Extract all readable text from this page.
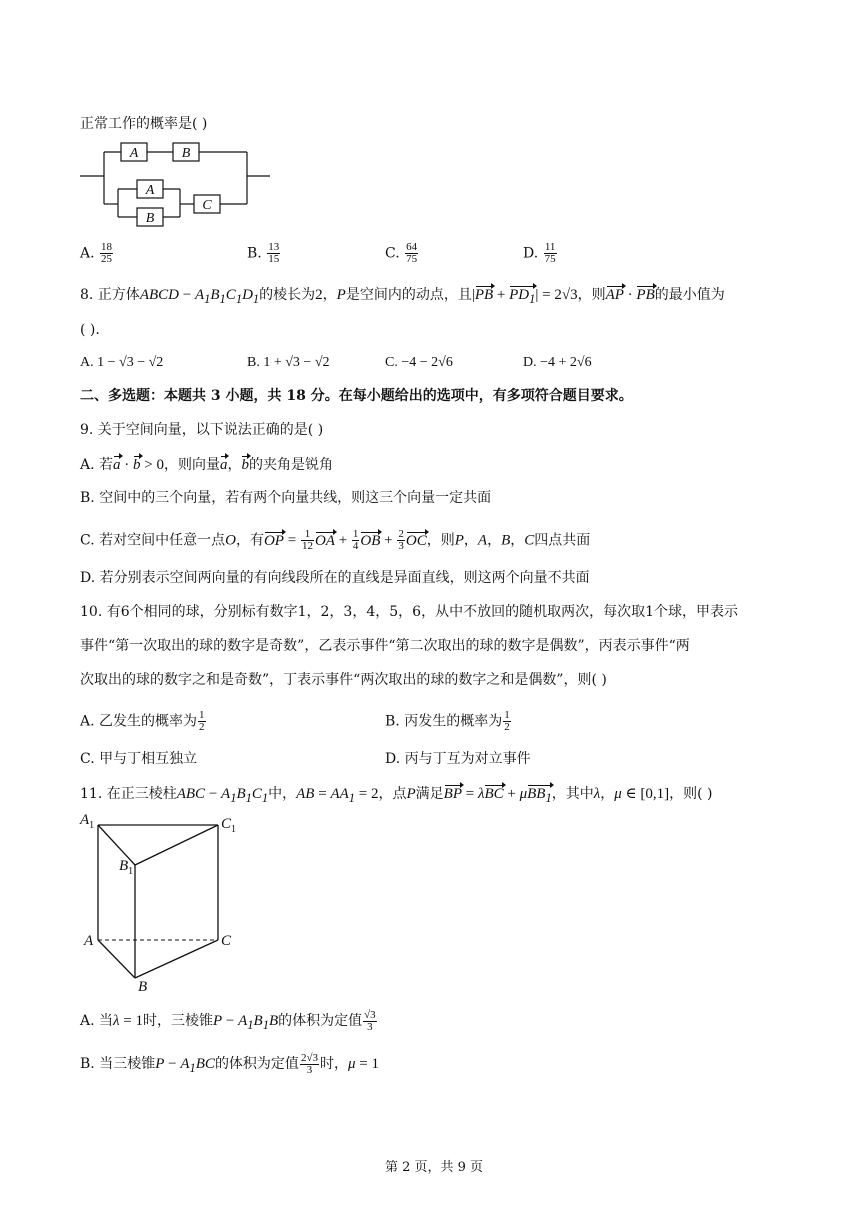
正常工作的概率是( )
A	B
A
B
C
A. $\frac{18}{25}$	B. $\frac{13}{15}$	C. $\frac{64}{75}$	D. $\frac{11}{75}$
8. 正方体ABCD − $A_1B_1C_1D_1$的棱长为2，P是空间内的动点，且$|PB + PD_1| = 2√3$，则AP · PB的最小值为
( ).
A. 1 − √3 − √2	B. 1 + √3 − √2	C. −4 − 2√6	D. −4 + 2√6
二、多选题：本题共 3 小题，共 18 分。在每小题给出的选项中，有多项符合题目要求。
9. 关于空间向量，以下说法正确的是( )
A. 若a · b > 0，则向量a，b的夹角是锐角
B. 空间中的三个向量，若有两个向量共线，则这三个向量一定共面
C. 若对空间中任意一点O，有OP = $\frac{1}{12}$ OA + $\frac{1}{4}$ OB + $\frac{2}{3}$ OC，则P，A，B，C四点共面
D. 若分别表示空间两向量的有向线段所在的直线是异面直线，则这两个向量不共面
10. 有6个相同的球，分别标有数字1，2，3，4，5，6，从中不放回的随机取两次，每次取1个球，甲表示
事件“第一次取出的球的数字是奇数”，乙表示事件“第二次取出的球的数字是偶数”，丙表示事件“两
次取出的球的数字之和是奇数”，丁表示事件“两次取出的球的数字之和是偶数”，则( )
A. 乙发生的概率为 $\frac{1}{2}$	B. 丙发生的概率为 $\frac{1}{2}$
C. 甲与丁相互独立	D. 丙与丁互为对立事件
11. 在正三棱柱ABC − $A_1B_1C_1$中，AB = $AA_1 = 2$，点P满足BP = λBC + μBB$_1$，其中λ，μ ∈ [0,1]，则( )
$A_1$	$C_1$
$B_1$
A	C
B
A. 当λ = 1时，三棱锥$P - A_1B_1B$的体积为定值 $\frac{√3}{3}$
B. 当三棱锥$P - A_1BC$的体积为定值 $\frac{2√3}{3}$ 时，μ = 1
第 2 页，共 9 页
